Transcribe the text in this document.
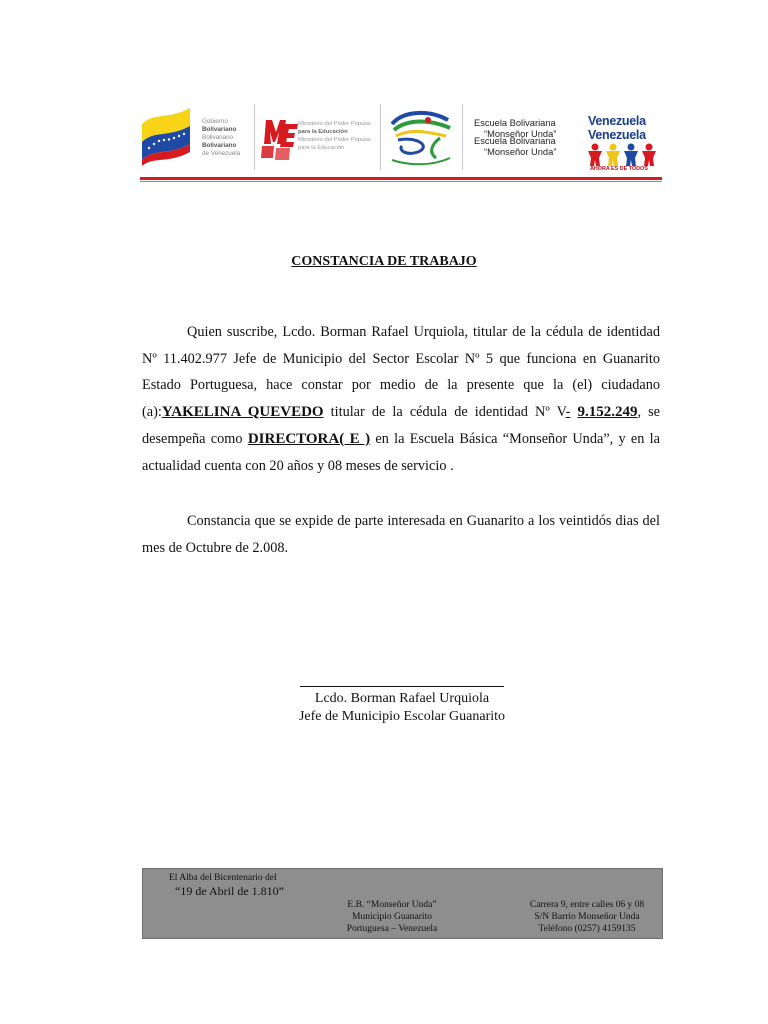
Gobierno
Bolivariano
Bolivariano
Bolivariano
de Venezuela
Ministerio del Poder Popular
para la Educación
Ministerio del Poder Popular
para la Educación
Escuela Bolivariana
“Monseñor Unda”
Escuela Bolivariana
“Monseñor Unda”
Venezuela
Venezuela
AHORA ES DE TODOS
CONSTANCIA DE TRABAJO

Quien suscribe, Lcdo. Borman Rafael Urquiola, titular de la cédula de identidad Nº 11.402.977 Jefe de Municipio del Sector Escolar Nº 5 que funciona en Guanarito Estado Portuguesa, hace constar por medio de la presente que la (el) ciudadano (a):YAKELINA QUEVEDO titular de la cédula de identidad Nº V- 9.152.249, se desempeña como DIRECTORA( E ) en la Escuela Básica “Monseñor Unda”, y en la actualidad cuenta con 20 años y 08 meses de servicio .

Constancia que se expide de parte interesada en Guanarito a los veintidós dias del mes de Octubre de 2.008.

Lcdo. Borman Rafael Urquiola
Jefe de Municipio Escolar Guanarito
El Alba del Bicentenario del
“19 de Abril de 1.810”
E.B. “Monseñor Unda”
Municipio Guanarito
Portuguesa – Venezuela
Carrera 9, entre calles 06 y 08
S/N Barrio Monseñor Unda
Teléfono (0257) 4159135
